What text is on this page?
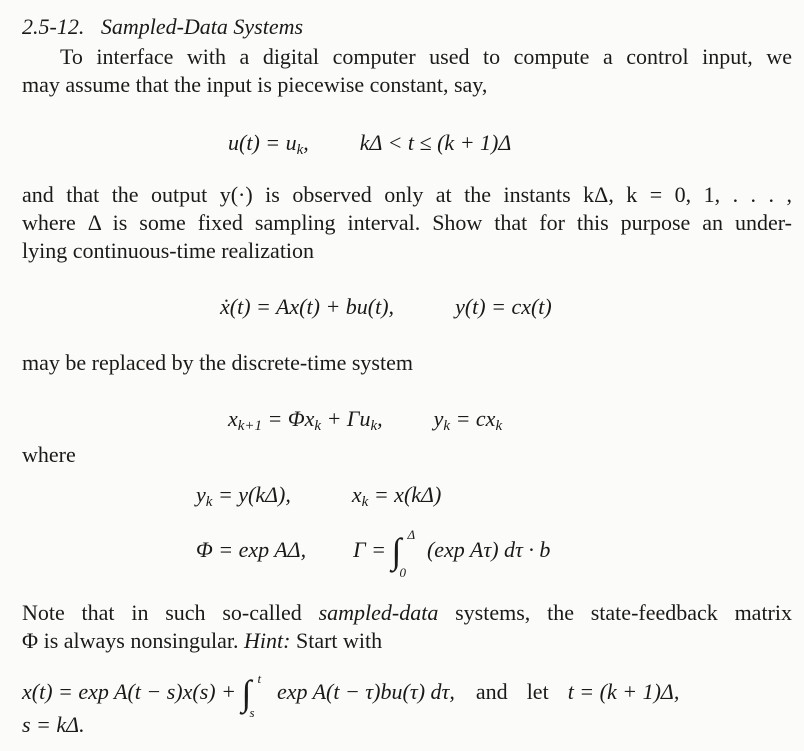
2.5-12. Sampled-Data Systems
To interface with a digital computer used to compute a control input, we
may assume that the input is piecewise constant, say,
$u(t) = u_k$, kΔ < t ≤ (k + 1)Δ
and that the output y(·) is observed only at the instants kΔ, k = 0, 1, . . . ,
where Δ is some fixed sampling interval. Show that for this purpose an under-
lying continuous-time realization
ẋ(t) = Ax(t) + bu(t),	y(t) = cx(t)
may be replaced by the discrete-time system
$x_{k+1} = \Phi x_k + \Gamma u_k$, $y_k = cx_k$
where
$y_k = y(k\Delta)$,	$x_k = x(k\Delta)$
Φ = exp AΔ, Γ = ∫ Δ
0
(exp Aτ) dτ · b
Note that in such so-called sampled-data systems, the state-feedback matrix
Φ is always nonsingular. Hint: Start with
x(t) = exp A(t − s)x(s) + ∫ t
s
exp A(t − τ)bu(τ) dτ, and let t = (k + 1)Δ,
s = kΔ.
